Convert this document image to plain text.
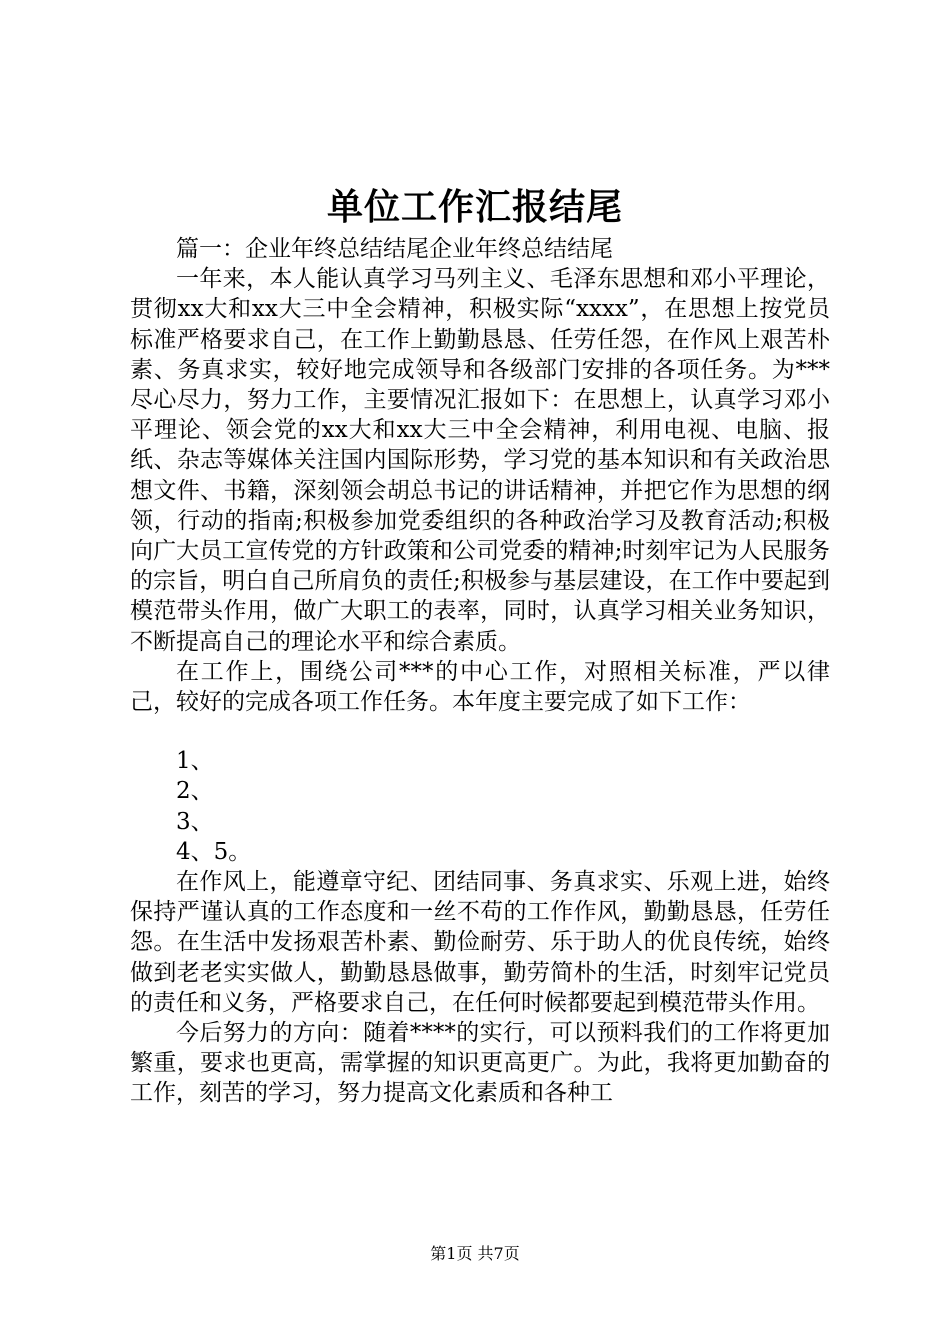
单位工作汇报结尾

篇一：企业年终总结结尾企业年终总结结尾

一年来，本人能认真学习马列主义、毛泽东思想和邓小平理论，贯彻xx大和xx大三中全会精神，积极实际“xxxx”，在思想上按党员标准严格要求自己，在工作上勤勤恳恳、任劳任怨，在作风上艰苦朴素、务真求实，较好地完成领导和各级部门安排的各项任务。为***尽心尽力，努力工作，主要情况汇报如下：在思想上，认真学习邓小平理论、领会党的xx大和xx大三中全会精神，利用电视、电脑、报纸、杂志等媒体关注国内国际形势，学习党的基本知识和有关政治思想文件、书籍，深刻领会胡总书记的讲话精神，并把它作为思想的纲领，行动的指南;积极参加党委组织的各种政治学习及教育活动;积极向广大员工宣传党的方针政策和公司党委的精神;时刻牢记为人民服务的宗旨，明白自己所肩负的责任;积极参与基层建设，在工作中要起到模范带头作用，做广大职工的表率，同时，认真学习相关业务知识，不断提高自己的理论水平和综合素质。

在工作上，围绕公司***的中心工作，对照相关标准，严以律己，较好的完成各项工作任务。本年度主要完成了如下工作：

1、

2、

3、

4、5。

在作风上，能遵章守纪、团结同事、务真求实、乐观上进，始终保持严谨认真的工作态度和一丝不苟的工作作风，勤勤恳恳，任劳任怨。在生活中发扬艰苦朴素、勤俭耐劳、乐于助人的优良传统，始终做到老老实实做人，勤勤恳恳做事，勤劳简朴的生活，时刻牢记党员的责任和义务，严格要求自己，在任何时候都要起到模范带头作用。

今后努力的方向：随着****的实行，可以预料我们的工作将更加繁重，要求也更高，需掌握的知识更高更广。为此，我将更加勤奋的工作，刻苦的学习，努力提高文化素质和各种工

第1页 共7页
